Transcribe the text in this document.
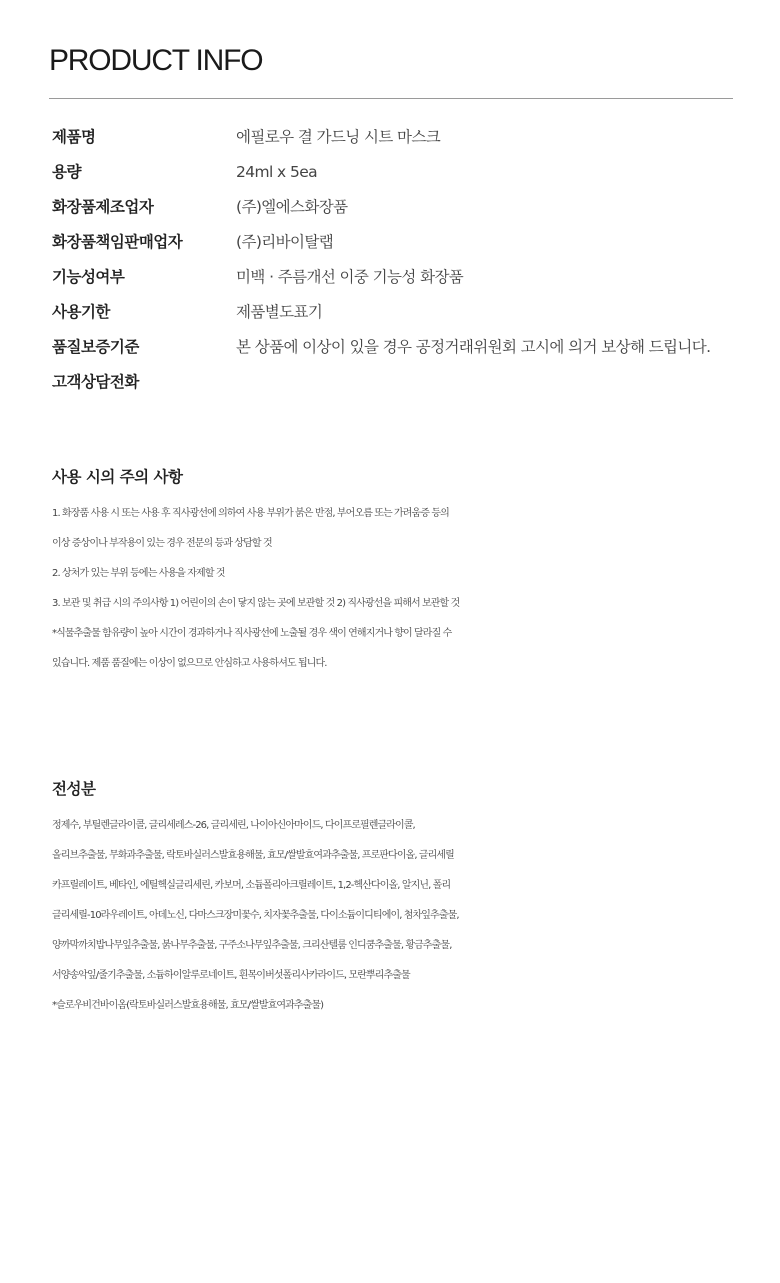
PRODUCT INFO
제품명	에필로우 결 가드닝 시트 마스크
용량	24ml x 5ea
화장품제조업자	(주)엘에스화장품
화장품책임판매업자	(주)리바이탈랩
기능성여부	미백 · 주름개선 이중 기능성 화장품
사용기한	제품별도표기
품질보증기준	본 상품에 이상이 있을 경우 공정거래위원회 고시에 의거 보상해 드립니다.
고객상담전화
사용 시의 주의 사항
1. 화장품 사용 시 또는 사용 후 직사광선에 의하여 사용 부위가 붉은 반점, 부어오름 또는 가려움증 등의
이상 증상이나 부작용이 있는 경우 전문의 등과 상담할 것
2. 상처가 있는 부위 등에는 사용을 자제할 것
3. 보관 및 취급 시의 주의사항 1) 어린이의 손이 닿지 않는 곳에 보관할 것 2) 직사광선을 피해서 보관할 것
*식물추출물 함유량이 높아 시간이 경과하거나 직사광선에 노출될 경우 색이 연해지거나 향이 달라질 수
있습니다. 제품 품질에는 이상이 없으므로 안심하고 사용하셔도 됩니다.
전성분
정제수, 부틸렌글라이콜, 글리세레스-26, 글리세린, 나이아신아마이드, 다이프로필렌글라이콜,
올리브추출물, 무화과추출물, 락토바실러스발효용해물, 효모/쌀발효여과추출물, 프로판다이올, 글리세릴
카프릴레이트, 베타인, 에틸헥실글리세린, 카보머, 소듐폴리아크릴레이트, 1,2-헥산다이올, 알지닌, 폴리
글리세릴-10라우레이트, 아데노신, 다마스크장미꽃수, 치자꽃추출물, 다이소듐이디티에이, 첨차잎추출물,
양까막까치밥나무잎추출물, 붉나무추출물, 구주소나무잎추출물, 크리산텔룸 인디쿰추출물, 황금추출물,
서양송악잎/줄기추출물, 소듐하이알루로네이트, 흰목이버섯폴리사카라이드, 모란뿌리추출물
*슬로우비건바이옴(락토바실러스발효용해물, 효모/쌀발효여과추출물)
